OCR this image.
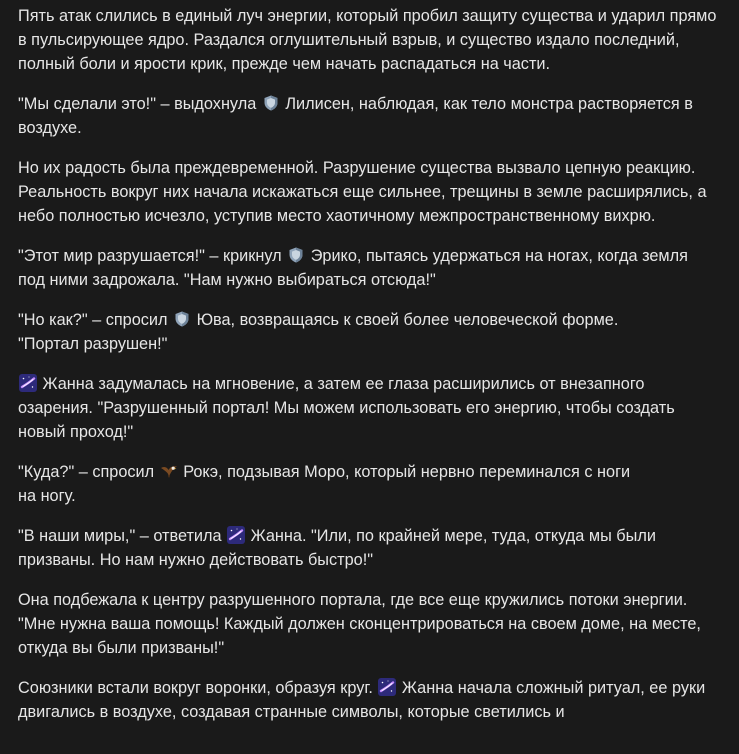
Пять атак слились в единый луч энергии, который пробил защиту существа и ударил прямо в пульсирующее ядро. Раздался оглушительный взрыв, и существо издало последний, полный боли и ярости крик, прежде чем начать распадаться на части.

"Мы сделали это!" – выдохнула
Лилисен, наблюдая, как тело монстра растворяется в воздухе.

Но их радость была преждевременной. Разрушение существа вызвало цепную реакцию. Реальность вокруг них начала искажаться еще сильнее, трещины в земле расширялись, а небо полностью исчезло, уступив место хаотичному межпространственному вихрю.

"Этот мир разрушается!" – крикнул
Эрико, пытаясь удержаться на ногах, когда земля под ними задрожала. "Нам нужно выбираться отсюда!"

"Но как?" – спросил
Юва, возвращаясь к своей более человеческой форме.
"Портал разрушен!"

Жанна задумалась на мгновение, а затем ее глаза расширились от внезапного озарения. "Разрушенный портал! Мы можем использовать его энергию, чтобы создать новый проход!"

"Куда?" – спросил
Рокэ, подзывая Моро, который нервно переминался с ноги
на ногу.

"В наши миры," – ответила
Жанна. "Или, по крайней мере, туда, откуда мы были призваны. Но нам нужно действовать быстро!"

Она подбежала к центру разрушенного портала, где все еще кружились потоки энергии. "Мне нужна ваша помощь! Каждый должен сконцентрироваться на своем доме, на месте, откуда вы были призваны!"

Союзники встали вокруг воронки, образуя круг.
Жанна начала сложный ритуал, ее руки двигались в воздухе, создавая странные символы, которые светились и
